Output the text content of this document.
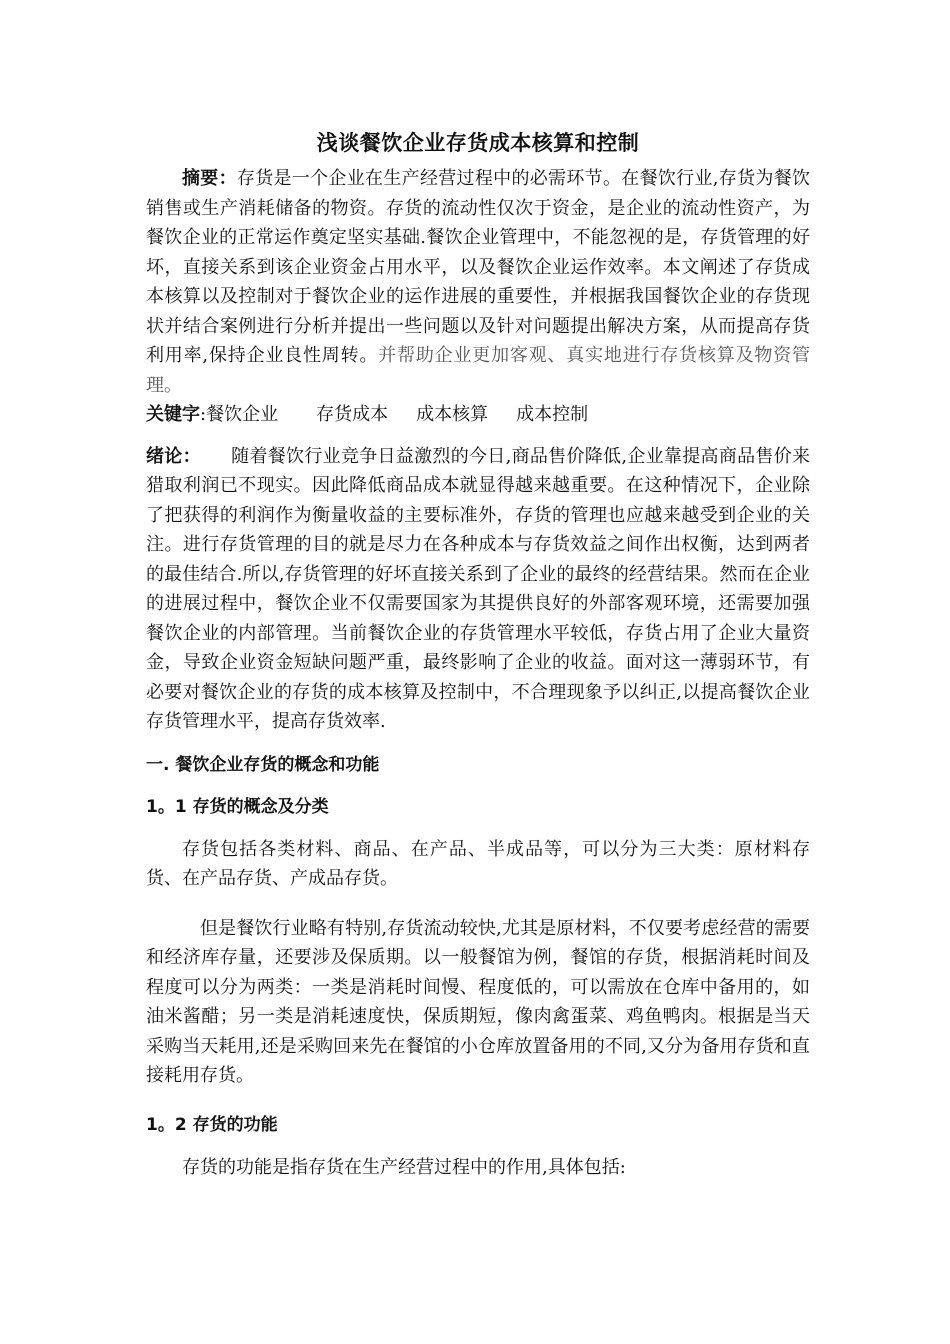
浅谈餐饮企业存货成本核算和控制

摘要：存货是一个企业在生产经营过程中的必需环节。在餐饮行业,存货为餐饮销售或生产消耗储备的物资。存货的流动性仅次于资金，是企业的流动性资产，为餐饮企业的正常运作奠定坚实基础.餐饮企业管理中，不能忽视的是，存货管理的好坏，直接关系到该企业资金占用水平，以及餐饮企业运作效率。本文阐述了存货成本核算以及控制对于餐饮企业的运作进展的重要性，并根据我国餐饮企业的存货现状并结合案例进行分析并提出一些问题以及针对问题提出解决方案，从而提高存货利用率,保持企业良性周转。并帮助企业更加客观、真实地进行存货核算及物资管理。

关键字:餐饮企业 存货成本 成本核算 成本控制

绪论： 随着餐饮行业竞争日益激烈的今日,商品售价降低,企业靠提高商品售价来猎取利润已不现实。因此降低商品成本就显得越来越重要。在这种情况下，企业除了把获得的利润作为衡量收益的主要标准外，存货的管理也应越来越受到企业的关注。进行存货管理的目的就是尽力在各种成本与存货效益之间作出权衡，达到两者的最佳结合.所以,存货管理的好坏直接关系到了企业的最终的经营结果。然而在企业的进展过程中，餐饮企业不仅需要国家为其提供良好的外部客观环境，还需要加强餐饮企业的内部管理。当前餐饮企业的存货管理水平较低，存货占用了企业大量资金，导致企业资金短缺问题严重，最终影响了企业的收益。面对这一薄弱环节，有必要对餐饮企业的存货的成本核算及控制中，不合理现象予以纠正,以提高餐饮企业存货管理水平，提高存货效率.

一. 餐饮企业存货的概念和功能
1。1 存货的概念及分类

存货包括各类材料、商品、在产品、半成品等，可以分为三大类：原材料存货、在产品存货、产成品存货。

但是餐饮行业略有特别,存货流动较快,尤其是原材料，不仅要考虑经营的需要和经济库存量，还要涉及保质期。以一般餐馆为例，餐馆的存货，根据消耗时间及程度可以分为两类：一类是消耗时间慢、程度低的，可以需放在仓库中备用的，如油米酱醋；另一类是消耗速度快，保质期短，像肉禽蛋菜、鸡鱼鸭肉。根据是当天采购当天耗用,还是采购回来先在餐馆的小仓库放置备用的不同,又分为备用存货和直接耗用存货。

1。2 存货的功能

存货的功能是指存货在生产经营过程中的作用,具体包括:
